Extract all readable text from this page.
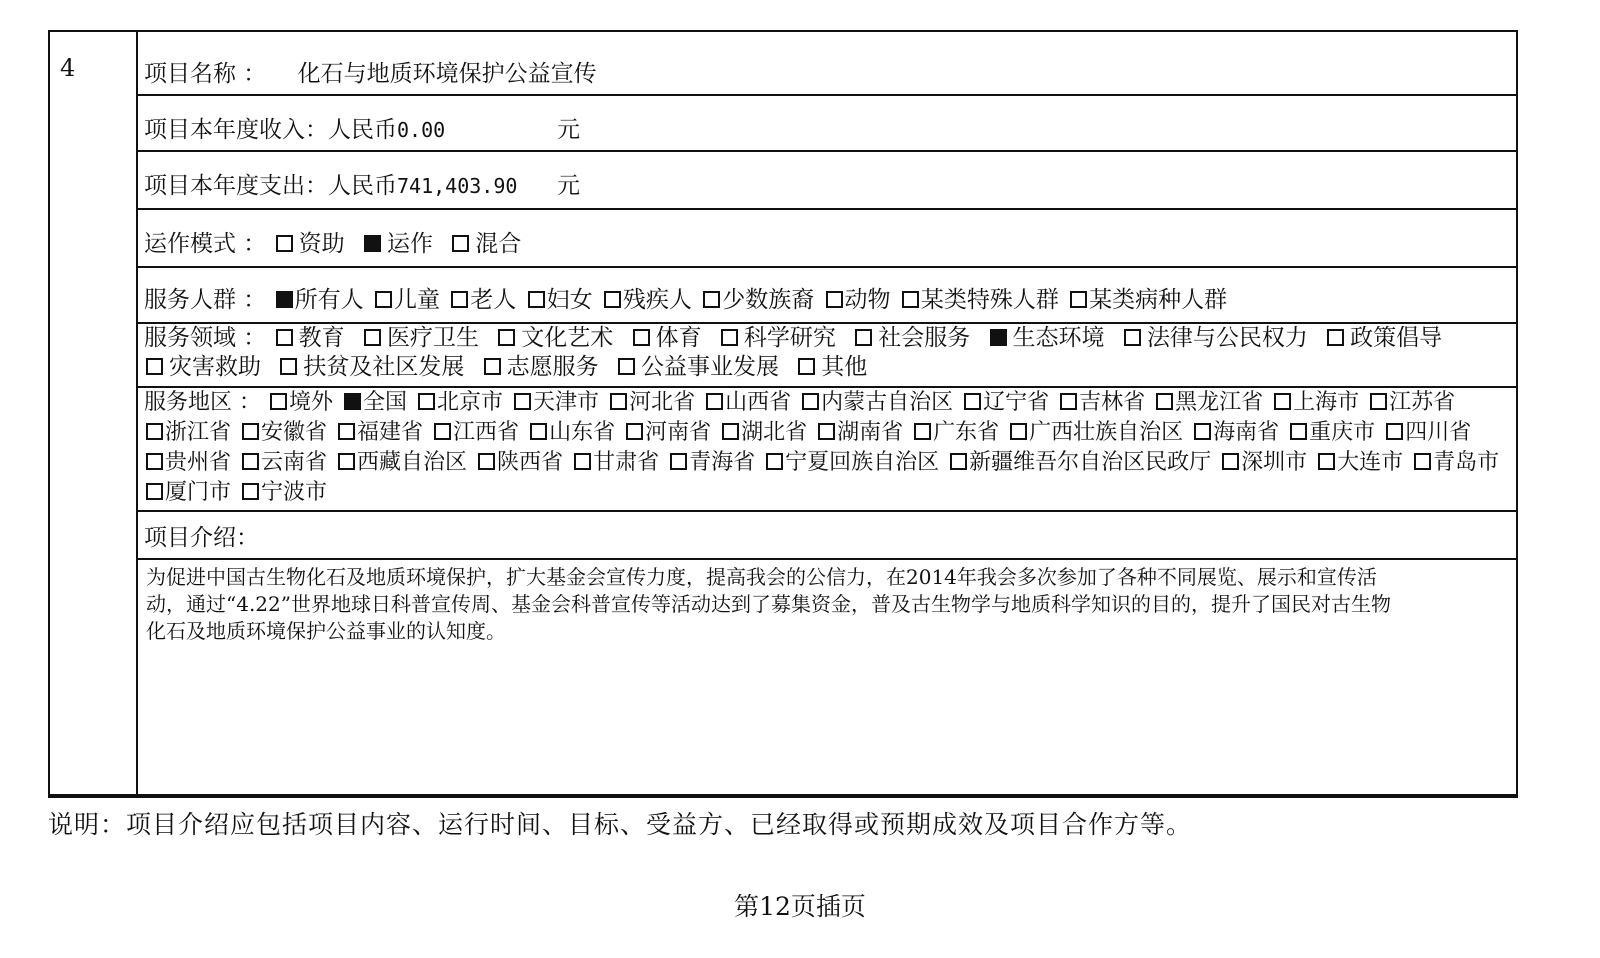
4	项目名称 ： 化石与地质环境保护公益宣传
项目本年度收入：人民币0.00	元
项目本年度支出：人民币741,403.90 元
运作模式 ： 资助 运作 混合
服务人群 ： 所有人 儿童 老人 妇女 残疾人 少数族裔 动物 某类特殊人群 某类病种人群
服务领域 ： 教育 医疗卫生 文化艺术 体育 科学研究 社会服务 生态环境 法律与公民权力 政策倡导 灾害救助 扶贫及社区发展 志愿服务 公益事业发展 其他
服务地区 ： 境外 全国 北京市 天津市 河北省 山西省 内蒙古自治区 辽宁省 吉林省 黑龙江省 上海市 江苏省 浙江省 安徽省 福建省 江西省 山东省 河南省 湖北省 湖南省 广东省 广西壮族自治区 海南省 重庆市 四川省 贵州省 云南省 西藏自治区 陕西省 甘肃省 青海省 宁夏回族自治区 新疆维吾尔自治区民政厅 深圳市 大连市 青岛市 厦门市 宁波市
项目介绍：
为促进中国古生物化石及地质环境保护，扩大基金会宣传力度，提高我会的公信力，在2014年我会多次参加了各种不同展览、展示和宣传活动，通过“4.22”世界地球日科普宣传周、基金会科普宣传等活动达到了募集资金，普及古生物学与地质科学知识的目的，提升了国民对古生物化石及地质环境保护公益事业的认知度。
说明：项目介绍应包括项目内容、运行时间、目标、受益方、已经取得或预期成效及项目合作方等。
第12页插页
